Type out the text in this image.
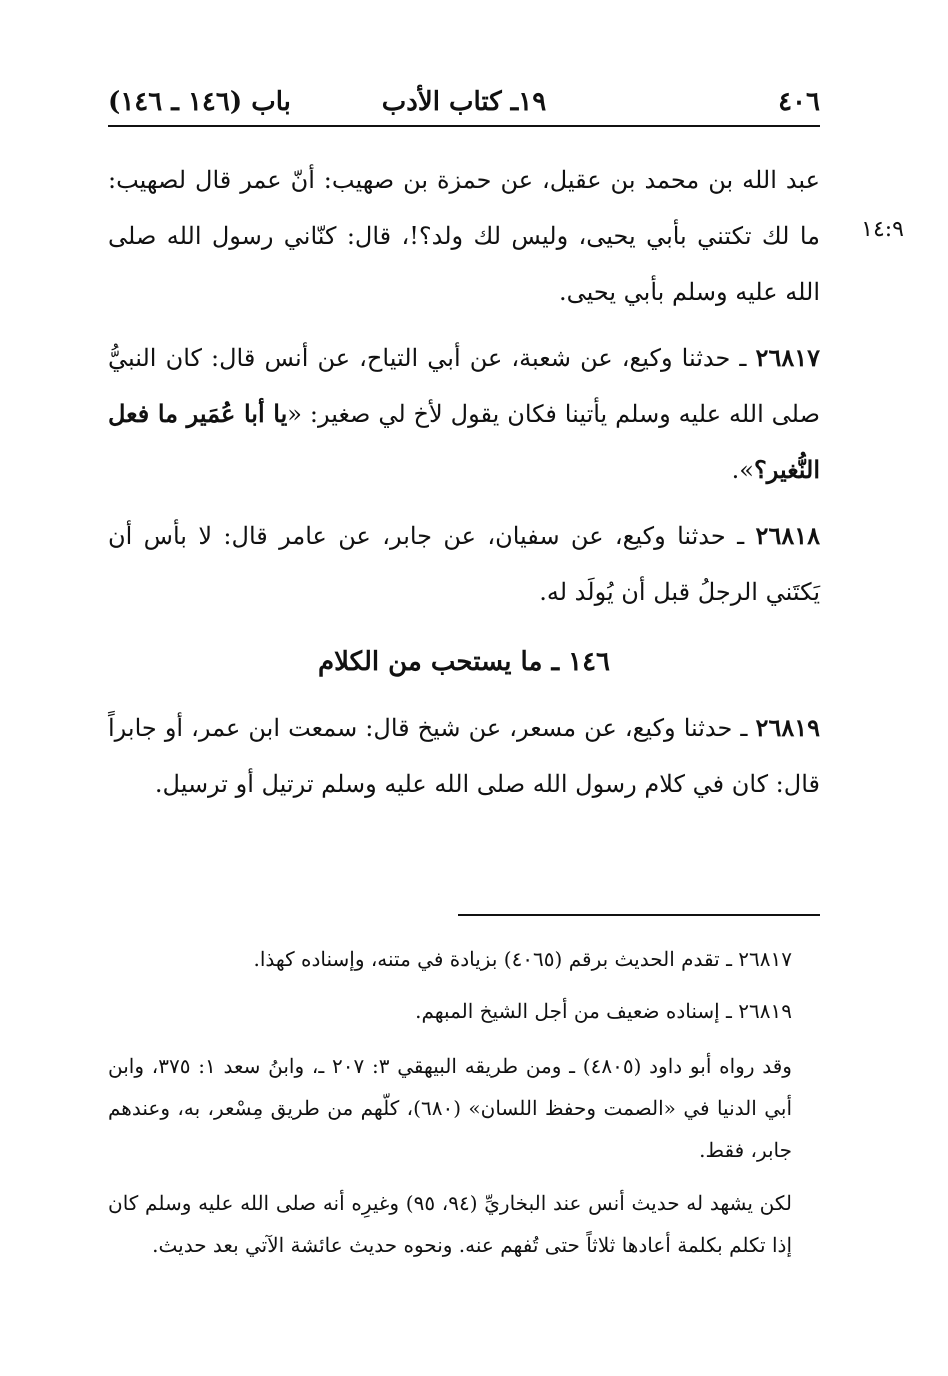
٤٠٦
١٩ـ كتاب الأدب
باب (١٤٦ ـ ١٤٦)
١٤:٩

عبد الله بن محمد بن عقيل، عن حمزة بن صهيب: أنّ عمر قال لصهيب: ما لك تكتني بأبي يحيى، وليس لك ولد؟!، قال: كنّاني رسول الله صلى الله عليه وسلم بأبي يحيى.

٢٦٨١٧ ـ حدثنا وكيع، عن شعبة، عن أبي التياح، عن أنس قال: كان النبيُّ صلى الله عليه وسلم يأتينا فكان يقول لأخ لي صغير: «يا أبا عُمَير ما فعل النُّغير؟».

٢٦٨١٨ ـ حدثنا وكيع، عن سفيان، عن جابر، عن عامر قال: لا بأس أن يَكتَني الرجلُ قبل أن يُولَد له.

١٤٦ ـ ما يستحب من الكلام

٢٦٨١٩ ـ حدثنا وكيع، عن مسعر، عن شيخ قال: سمعت ابن عمر، أو جابراً قال: كان في كلام رسول الله صلى الله عليه وسلم ترتيل أو ترسيل.

٢٦٨١٧ ـ تقدم الحديث برقم (٤٠٦٥) بزيادة في متنه، وإسناده كهذا.

٢٦٨١٩ ـ إسناده ضعيف من أجل الشيخ المبهم.

وقد رواه أبو داود (٤٨٠٥) ـ ومن طريقه البيهقي ٣: ٢٠٧ ـ، وابنُ سعد ١: ٣٧٥، وابن أبي الدنيا في «الصمت وحفظ اللسان» (٦٨٠)، كلّهم من طريق مِسْعر، به، وعندهم جابر، فقط.

لكن يشهد له حديث أنس عند البخاريِّ (٩٤، ٩٥) وغيرِه أنه صلى الله عليه وسلم كان إذا تكلم بكلمة أعادها ثلاثاً حتى تُفهم عنه. ونحوه حديث عائشة الآتي بعد حديث.
